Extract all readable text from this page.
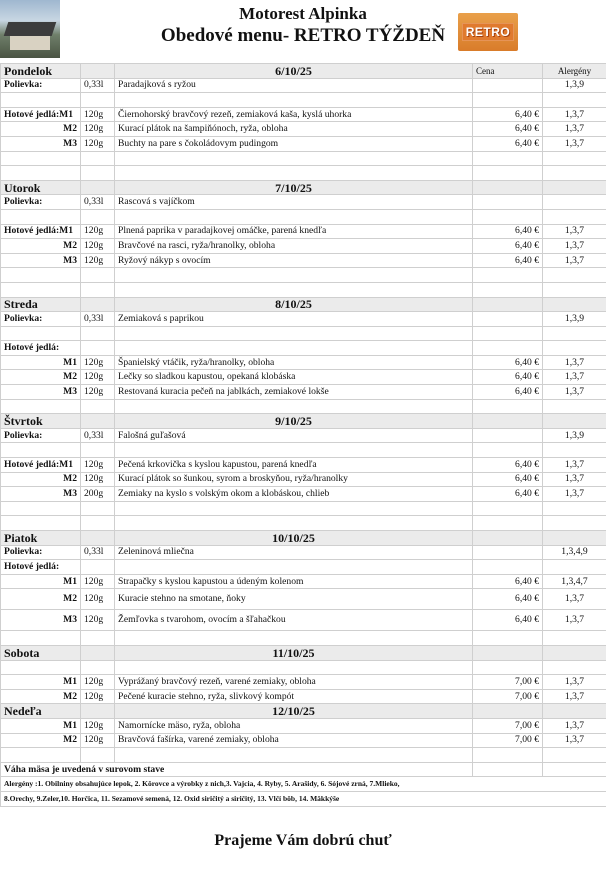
Motorest Alpinka
Obedové menu- RETRO TÝŽDEŇ	RETRO
Pondelok		6/10/25	Cena	Alergény
Polievka:	0,33l	Paradajková s ryžou		1,3,9

Hotové jedlá:M1	120g	Čiernohorský bravčový rezeň, zemiaková kaša, kyslá uhorka	6,40 €	1,3,7
M2	120g	Kurací plátok na šampiňónoch, ryža, obloha	6,40 €	1,3,7
M3	120g	Buchty na pare s čokoládovym pudingom	6,40 €	1,3,7

Utorok		7/10/25		
Polievka:	0,33l	Rascová s vajíčkom		

Hotové jedlá:M1	120g	Plnená paprika v paradajkovej omáčke, parená knedľa	6,40 €	1,3,7
M2	120g	Bravčové na rasci, ryža/hranolky, obloha	6,40 €	1,3,7
M3	120g	Ryžový nákyp s ovocím	6,40 €	1,3,7

Streda		8/10/25		
Polievka:	0,33l	Zemiaková s paprikou		1,3,9

Hotové jedlá:				
M1	120g	Španielský vtáčik, ryža/hranolky, obloha	6,40 €	1,3,7
M2	120g	Lečky so sladkou kapustou, opekaná klobáska	6,40 €	1,3,7
M3	120g	Restovaná kuracia pečeň na jablkách, zemiakové lokše	6,40 €	1,3,7

Štvrtok		9/10/25		
Polievka:	0,33l	Falošná guľašová		1,3,9

Hotové jedlá:M1	120g	Pečená krkovička s kyslou kapustou, parená knedľa	6,40 €	1,3,7
M2	120g	Kurací plátok so šunkou, syrom a broskyňou, ryža/hranolky	6,40 €	1,3,7
M3	200g	Zemiaky na kyslo s volským okom a klobáskou, chlieb	6,40 €	1,3,7

Piatok		10/10/25		
Polievka:	0,33l	Zeleninová mliečna		1,3,4,9
Hotové jedlá:				
M1	120g	Strapačky s kyslou kapustou a údeným kolenom	6,40 €	1,3,4,7
M2	120g	Kuracie stehno na smotane, ňoky	6,40 €	1,3,7
M3	120g	Žemľovka s tvarohom, ovocím a šľahačkou	6,40 €	1,3,7

Sobota		11/10/25		

M1	120g	Vyprážaný bravčový rezeň, varené zemiaky, obloha	7,00 €	1,3,7
M2	120g	Pečené kuracie stehno, ryža, slivkový kompót	7,00 €	1,3,7
Nedeľa		12/10/25		
M1	120g	Namornícke mäso, ryža, obloha	7,00 €	1,3,7
M2	120g	Bravčová fašírka, varené zemiaky, obloha	7,00 €	1,3,7

Váha mäsa je uvedená v surovom stave				
Alergény :1. Obilniny obsahujúce lepok, 2. Kôrovce a výrobky z nich,3. Vajcia, 4. Ryby, 5. Arašidy, 6. Sójové zrná, 7.Mlieko,				
8.Orechy, 9.Zeler,10. Horčica, 11. Sezamové semená, 12. Oxid siričitý a siričitý, 13. Vlčí bôb, 14. Mäkkýše				
Prajeme Vám dobrú chuť
